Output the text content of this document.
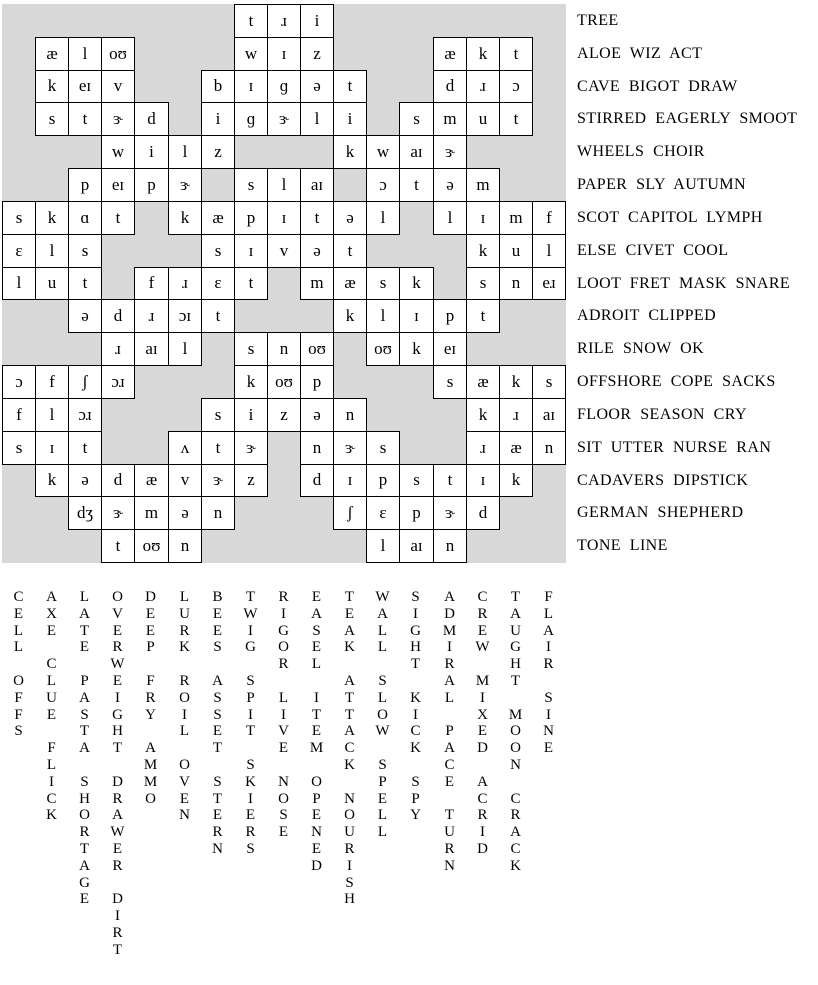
t ɹ i
æ l oʊ	w ɪ z	æ k t
k eɪ v	b ɪ ɡ ə t	d ɹ ɔ
s t ɝ d	i ɡ ɝ l i	s m u t
w i l z	k w aɪ ɝ
p eɪ p ɝ	s l aɪ	ɔ t ə m
s k ɑ t	k æ p ɪ t ə l	l ɪ m f
ɛ l s	s ɪ v ə t	k u l
l u t	f ɹ ɛ t	m æ s k	s n eɹ
ə d ɹ ɔɪ t	k l ɪ p t
ɹ aɪ l	s n oʊ	oʊ k eɪ
ɔ f ʃ ɔɹ	k oʊ p	s æ k s
f l ɔɹ	s i z ə n	k ɹ aɪ
s ɪ t	ʌ t ɝ	n ɝ s	ɹ æ n
k ə d æ v ɝ z	d ɪ p s t ɪ k
dʒ ɝ m ə n	ʃ ɛ p ɝ d
t oʊ n	l aɪ n
TREE
ALOE  WIZ  ACT
CAVE  BIGOT  DRAW
STIRRED  EAGERLY  SMOOT
WHEELS  CHOIR
PAPER  SLY  AUTUMN
SCOT  CAPITOL  LYMPH
ELSE  CIVET  COOL
LOOT  FRET  MASK  SNARE
ADROIT  CLIPPED
RILE  SNOW  OK
OFFSHORE  COPE  SACKS
FLOOR  SEASON  CRY
SIT  UTTER  NURSE  RAN
CADAVERS  DIPSTICK
GERMAN  SHEPHERD
TONE  LINE
C
E
L
L
O
F
F
S
A
X
E
C
L
U
E
F
L
I
C
K
L
A
T
E
P
A
S
T
A
S
H
O
R
T
A
G
E
O
V
E
R
W
E
I
G
H
T
D
R
A
W
E
R
D
I
R
T
D
E
E
P
F
R
Y
A
M
M
O
L
U
R
K
R
O
I
L
O
V
E
N
B
E
E
S
A
S
S
E
T
S
T
E
R
N
T
W
I
G
S
P
I
T
S
K
I
E
R
S
R
I
G
O
R
L
I
V
E
N
O
S
E
E
A
S
E
L
I
T
E
M
O
P
E
N
E
D
T
E
A
K
A
T
T
A
C
K
N
O
U
R
I
S
H
W
A
L
L
S
L
O
W
S
P
E
L
L
S
I
G
H
T
K
I
C
K
S
P
Y
A
D
M
I
R
A
L
P
A
C
E
T
U
R
N
C
R
E
W
M
I
X
E
D
A
C
R
I
D
T
A
U
G
H
T
M
O
O
N
C
R
A
C
K
F
L
A
I
R
S
I
N
E
